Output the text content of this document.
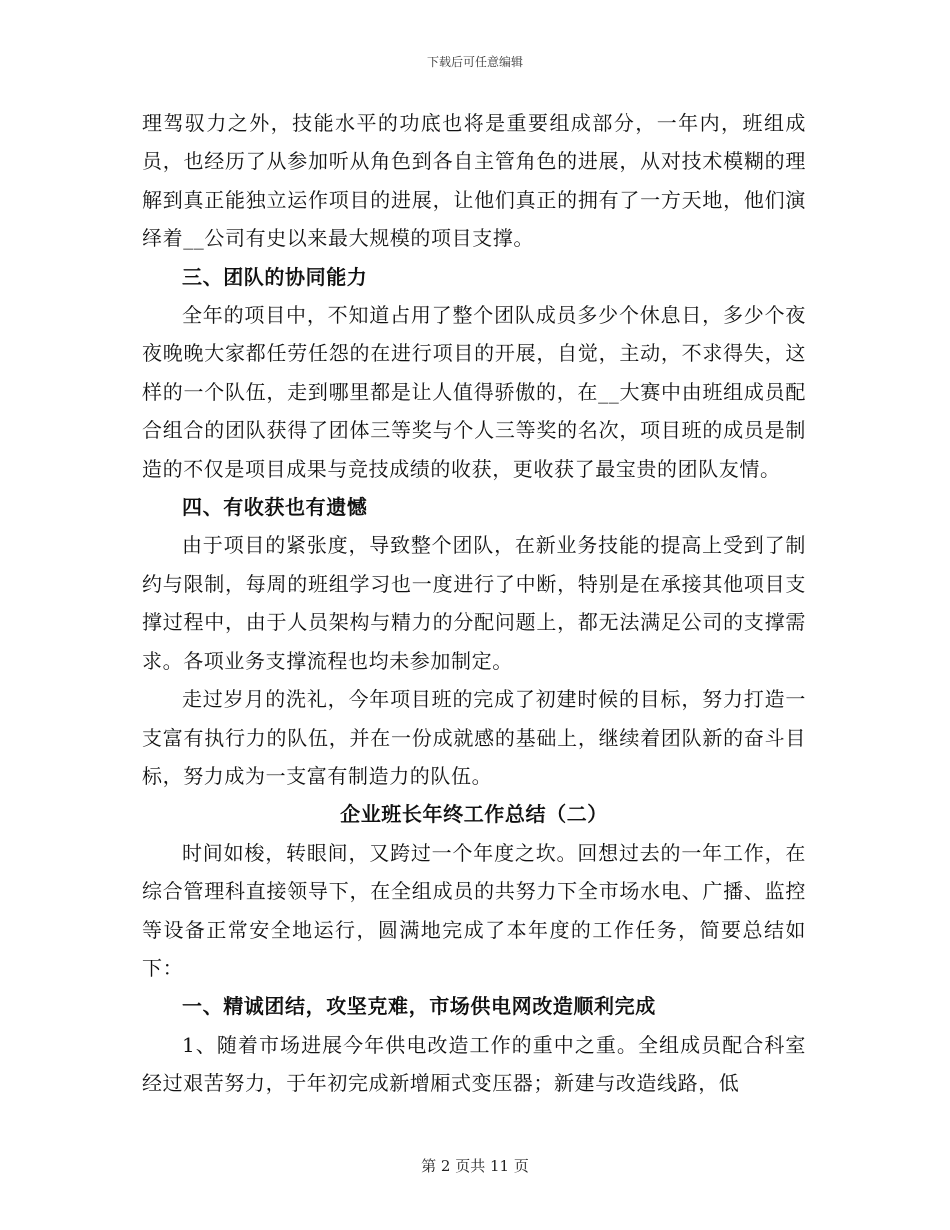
下载后可任意编辑

理驾驭力之外，技能水平的功底也将是重要组成部分，一年内，班组成员，也经历了从参加听从角色到各自主管角色的进展，从对技术模糊的理解到真正能独立运作项目的进展，让他们真正的拥有了一方天地，他们演绎着__公司有史以来最大规模的项目支撑。

三、团队的协同能力

全年的项目中，不知道占用了整个团队成员多少个休息日，多少个夜夜晚晚大家都任劳任怨的在进行项目的开展，自觉，主动，不求得失，这样的一个队伍，走到哪里都是让人值得骄傲的，在__大赛中由班组成员配合组合的团队获得了团体三等奖与个人三等奖的名次，项目班的成员是制造的不仅是项目成果与竞技成绩的收获，更收获了最宝贵的团队友情。

四、有收获也有遗憾

由于项目的紧张度，导致整个团队，在新业务技能的提高上受到了制约与限制，每周的班组学习也一度进行了中断，特别是在承接其他项目支撑过程中，由于人员架构与精力的分配问题上，都无法满足公司的支撑需求。各项业务支撑流程也均未参加制定。

走过岁月的洗礼，今年项目班的完成了初建时候的目标，努力打造一支富有执行力的队伍，并在一份成就感的基础上，继续着团队新的奋斗目标，努力成为一支富有制造力的队伍。

企业班长年终工作总结（二）

时间如梭，转眼间，又跨过一个年度之坎。回想过去的一年工作，在综合管理科直接领导下，在全组成员的共努力下全市场水电、广播、监控等设备正常安全地运行，圆满地完成了本年度的工作任务，简要总结如下：

一、精诚团结，攻坚克难，市场供电网改造顺利完成

1、随着市场进展今年供电改造工作的重中之重。全组成员配合科室经过艰苦努力，于年初完成新增厢式变压器；新建与改造线路，低

第 2 页共 11 页
